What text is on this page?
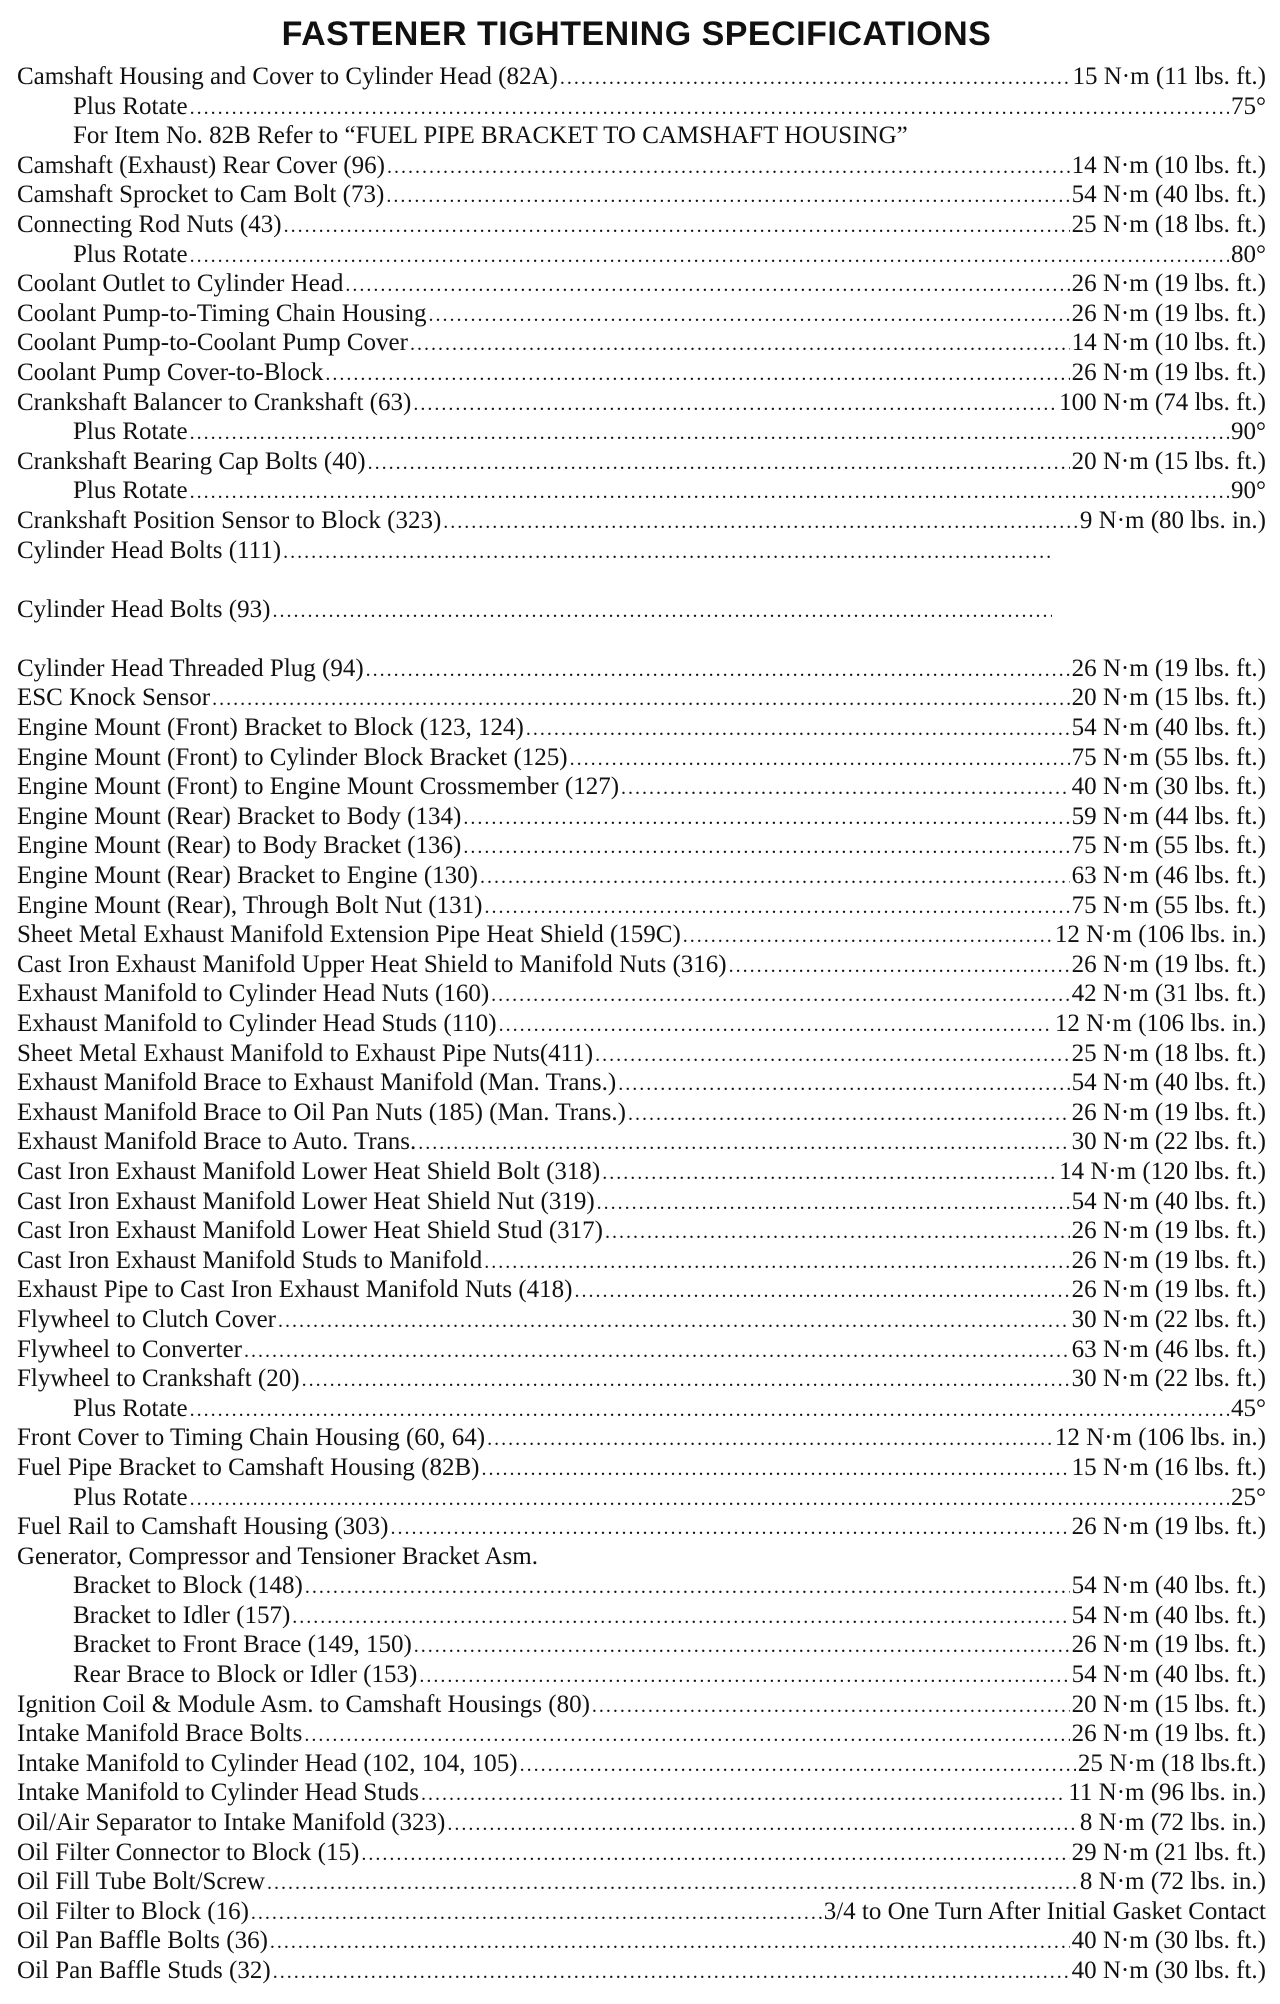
FASTENER TIGHTENING SPECIFICATIONS
Camshaft Housing and Cover to Cylinder Head (82A) .....	15 N·m (11 lbs. ft.)
Plus Rotate .....	75°
For Item No. 82B Refer to “FUEL PIPE BRACKET TO CAMSHAFT HOUSING”
Camshaft (Exhaust) Rear Cover (96) .....	14 N·m (10 lbs. ft.)
Camshaft Sprocket to Cam Bolt (73) .....	54 N·m (40 lbs. ft.)
Connecting Rod Nuts (43) .....	25 N·m (18 lbs. ft.)
Plus Rotate .....	80°
Coolant Outlet to Cylinder Head .....	26 N·m (19 lbs. ft.)
Coolant Pump-to-Timing Chain Housing .....	26 N·m (19 lbs. ft.)
Coolant Pump-to-Coolant Pump Cover .....	14 N·m (10 lbs. ft.)
Coolant Pump Cover-to-Block .....	26 N·m (19 lbs. ft.)
Crankshaft Balancer to Crankshaft (63) .....	100 N·m (74 lbs. ft.)
Plus Rotate .....	90°
Crankshaft Bearing Cap Bolts (40) .....	20 N·m (15 lbs. ft.)
Plus Rotate .....	90°
Crankshaft Position Sensor to Block (323) .....	9 N·m (80 lbs. in.)
Cylinder Head Bolts (111)
.....
Cylinder Head Bolts (93)
.....
Cylinder Head Threaded Plug (94) .....	26 N·m (19 lbs. ft.)
ESC Knock Sensor .....	20 N·m (15 lbs. ft.)
Engine Mount (Front) Bracket to Block (123, 124) .....	54 N·m (40 lbs. ft.)
Engine Mount (Front) to Cylinder Block Bracket (125) .....	75 N·m (55 lbs. ft.)
Engine Mount (Front) to Engine Mount Crossmember (127) .....	40 N·m (30 lbs. ft.)
Engine Mount (Rear) Bracket to Body (134) .....	59 N·m (44 lbs. ft.)
Engine Mount (Rear) to Body Bracket (136) .....	75 N·m (55 lbs. ft.)
Engine Mount (Rear) Bracket to Engine (130) .....	63 N·m (46 lbs. ft.)
Engine Mount (Rear), Through Bolt Nut (131) .....	75 N·m (55 lbs. ft.)
Sheet Metal Exhaust Manifold Extension Pipe Heat Shield (159C) .....	12 N·m (106 lbs. in.)
Cast Iron Exhaust Manifold Upper Heat Shield to Manifold Nuts (316) .....	26 N·m (19 lbs. ft.)
Exhaust Manifold to Cylinder Head Nuts (160) .....	42 N·m (31 lbs. ft.)
Exhaust Manifold to Cylinder Head Studs (110) .....	12 N·m (106 lbs. in.)
Sheet Metal Exhaust Manifold to Exhaust Pipe Nuts(411) .....	25 N·m (18 lbs. ft.)
Exhaust Manifold Brace to Exhaust Manifold (Man. Trans.) .....	54 N·m (40 lbs. ft.)
Exhaust Manifold Brace to Oil Pan Nuts (185) (Man. Trans.) .....	26 N·m (19 lbs. ft.)
Exhaust Manifold Brace to Auto. Trans. .....	30 N·m (22 lbs. ft.)
Cast Iron Exhaust Manifold Lower Heat Shield Bolt (318) .....	14 N·m (120 lbs. ft.)
Cast Iron Exhaust Manifold Lower Heat Shield Nut (319) .....	54 N·m (40 lbs. ft.)
Cast Iron Exhaust Manifold Lower Heat Shield Stud (317) .....	26 N·m (19 lbs. ft.)
Cast Iron Exhaust Manifold Studs to Manifold .....	26 N·m (19 lbs. ft.)
Exhaust Pipe to Cast Iron Exhaust Manifold Nuts (418) .....	26 N·m (19 lbs. ft.)
Flywheel to Clutch Cover .....	30 N·m (22 lbs. ft.)
Flywheel to Converter .....	63 N·m (46 lbs. ft.)
Flywheel to Crankshaft (20) .....	30 N·m (22 lbs. ft.)
Plus Rotate .....	45°
Front Cover to Timing Chain Housing (60, 64) .....	12 N·m (106 lbs. in.)
Fuel Pipe Bracket to Camshaft Housing (82B) .....	15 N·m (16 lbs. ft.)
Plus Rotate .....	25°
Fuel Rail to Camshaft Housing (303) .....	26 N·m (19 lbs. ft.)
Generator, Compressor and Tensioner Bracket Asm.
Bracket to Block (148) .....	54 N·m (40 lbs. ft.)
Bracket to Idler (157) .....	54 N·m (40 lbs. ft.)
Bracket to Front Brace (149, 150) .....	26 N·m (19 lbs. ft.)
Rear Brace to Block or Idler (153) .....	54 N·m (40 lbs. ft.)
Ignition Coil & Module Asm. to Camshaft Housings (80) .....	20 N·m (15 lbs. ft.)
Intake Manifold Brace Bolts .....	26 N·m (19 lbs. ft.)
Intake Manifold to Cylinder Head (102, 104, 105) .....	25 N·m (18 lbs.ft.)
Intake Manifold to Cylinder Head Studs .....	11 N·m (96 lbs. in.)
Oil/Air Separator to Intake Manifold (323) .....	8 N·m (72 lbs. in.)
Oil Filter Connector to Block (15) .....	29 N·m (21 lbs. ft.)
Oil Fill Tube Bolt/Screw .....	8 N·m (72 lbs. in.)
Oil Filter to Block (16) .....	3/4 to One Turn After Initial Gasket Contact
Oil Pan Baffle Bolts (36) .....	40 N·m (30 lbs. ft.)
Oil Pan Baffle Studs (32) .....	40 N·m (30 lbs. ft.)
